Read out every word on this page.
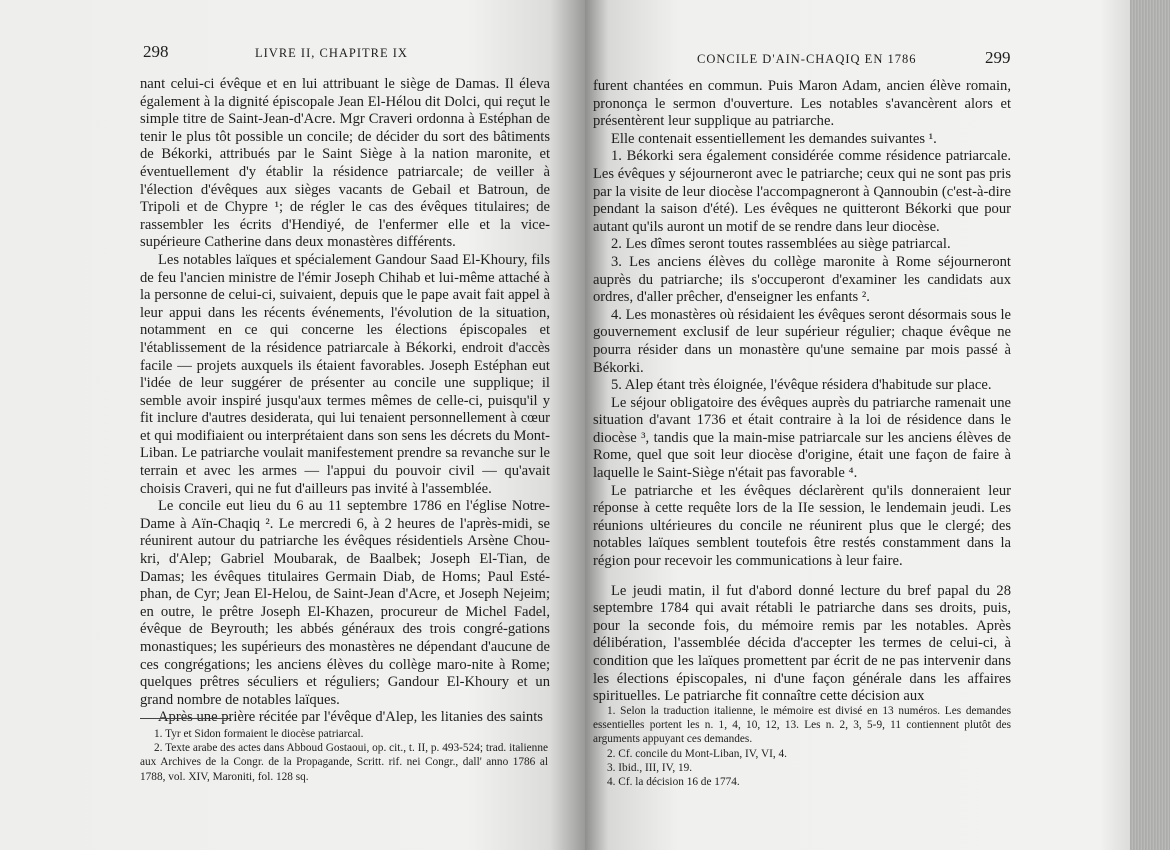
298	LIVRE II, CHAPITRE IX

nant celui-ci évêque et en lui attribuant le siège de Damas. Il éleva également à la dignité épiscopale Jean El-Hélou dit Dolci, qui reçut le simple titre de Saint-Jean-d'Acre. Mgr Craveri ordonna à Estéphan de tenir le plus tôt possible un concile; de décider du sort des bâtiments de Békorki, attribués par le Saint Siège à la nation maronite, et éventuellement d'y établir la résidence patriarcale; de veiller à l'élection d'évêques aux sièges vacants de Gebail et Batroun, de Tripoli et de Chypre ¹; de régler le cas des évêques titulaires; de rassembler les écrits d'Hendiyé, de l'enfermer elle et la vice-supérieure Catherine dans deux monastères différents.

Les notables laïques et spécialement Gandour Saad El-Khoury, fils de feu l'ancien ministre de l'émir Joseph Chihab et lui-même attaché à la personne de celui-ci, suivaient, depuis que le pape avait fait appel à leur appui dans les récents événements, l'évolution de la situation, notamment en ce qui concerne les élections épiscopales et l'établissement de la résidence patriarcale à Békorki, endroit d'accès facile — projets auxquels ils étaient favorables. Joseph Estéphan eut l'idée de leur suggérer de présenter au concile une supplique; il semble avoir inspiré jusqu'aux termes mêmes de celle-ci, puisqu'il y fit inclure d'autres desiderata, qui lui tenaient personnellement à cœur et qui modifiaient ou interprétaient dans son sens les décrets du Mont-Liban. Le patriarche voulait manifestement prendre sa revanche sur le terrain et avec les armes — l'appui du pouvoir civil — qu'avait choisis Craveri, qui ne fut d'ailleurs pas invité à l'assemblée.

Le concile eut lieu du 6 au 11 septembre 1786 en l'église Notre-Dame à Aïn-Chaqiq ². Le mercredi 6, à 2 heures de l'après-midi, se réunirent autour du patriarche les évêques résidentiels Arsène Chou-kri, d'Alep; Gabriel Moubarak, de Baalbek; Joseph El-Tian, de Damas; les évêques titulaires Germain Diab, de Homs; Paul Esté-phan, de Cyr; Jean El-Helou, de Saint-Jean d'Acre, et Joseph Nejeim; en outre, le prêtre Joseph El-Khazen, procureur de Michel Fadel, évêque de Beyrouth; les abbés généraux des trois congré-gations monastiques; les supérieurs des monastères ne dépendant d'aucune de ces congrégations; les anciens élèves du collège maro-nite à Rome; quelques prêtres séculiers et réguliers; Gandour El-Khoury et un grand nombre de notables laïques.

Après une prière récitée par l'évêque d'Alep, les litanies des saints

1. Tyr et Sidon formaient le diocèse patriarcal.

2. Texte arabe des actes dans Abboud Gostaoui, op. cit., t. II, p. 493-524; trad. italienne aux Archives de la Congr. de la Propagande, Scritt. rif. nei Congr., dall' anno 1786 al 1788, vol. XIV, Maroniti, fol. 128 sq.

CONCILE D'AIN-CHAQIQ EN 1786	299

furent chantées en commun. Puis Maron Adam, ancien élève romain, prononça le sermon d'ouverture. Les notables s'avancèrent alors et présentèrent leur supplique au patriarche.

Elle contenait essentiellement les demandes suivantes ¹.

1. Békorki sera également considérée comme résidence patriarcale. Les évêques y séjourneront avec le patriarche; ceux qui ne sont pas pris par la visite de leur diocèse l'accompagneront à Qannoubin (c'est-à-dire pendant la saison d'été). Les évêques ne quitteront Békorki que pour autant qu'ils auront un motif de se rendre dans leur diocèse.

2. Les dîmes seront toutes rassemblées au siège patriarcal.

3. Les anciens élèves du collège maronite à Rome séjourneront auprès du patriarche; ils s'occuperont d'examiner les candidats aux ordres, d'aller prêcher, d'enseigner les enfants ².

4. Les monastères où résidaient les évêques seront désormais sous le gouvernement exclusif de leur supérieur régulier; chaque évêque ne pourra résider dans un monastère qu'une semaine par mois passé à Békorki.

5. Alep étant très éloignée, l'évêque résidera d'habitude sur place.

Le séjour obligatoire des évêques auprès du patriarche ramenait une situation d'avant 1736 et était contraire à la loi de résidence dans le diocèse ³, tandis que la main-mise patriarcale sur les anciens élèves de Rome, quel que soit leur diocèse d'origine, était une façon de faire à laquelle le Saint-Siège n'était pas favorable ⁴.

Le patriarche et les évêques déclarèrent qu'ils donneraient leur réponse à cette requête lors de la IIe session, le lendemain jeudi. Les réunions ultérieures du concile ne réunirent plus que le clergé; des notables laïques semblent toutefois être restés constamment dans la région pour recevoir les communications à leur faire.

Le jeudi matin, il fut d'abord donné lecture du bref papal du 28 septembre 1784 qui avait rétabli le patriarche dans ses droits, puis, pour la seconde fois, du mémoire remis par les notables. Après délibération, l'assemblée décida d'accepter les termes de celui-ci, à condition que les laïques promettent par écrit de ne pas intervenir dans les élections épiscopales, ni d'une façon générale dans les affaires spirituelles. Le patriarche fit connaître cette décision aux

1. Selon la traduction italienne, le mémoire est divisé en 13 numéros. Les demandes essentielles portent les n. 1, 4, 10, 12, 13. Les n. 2, 3, 5-9, 11 contiennent plutôt des arguments appuyant ces demandes.

2. Cf. concile du Mont-Liban, IV, VI, 4.

3. Ibid., III, IV, 19.

4. Cf. la décision 16 de 1774.
